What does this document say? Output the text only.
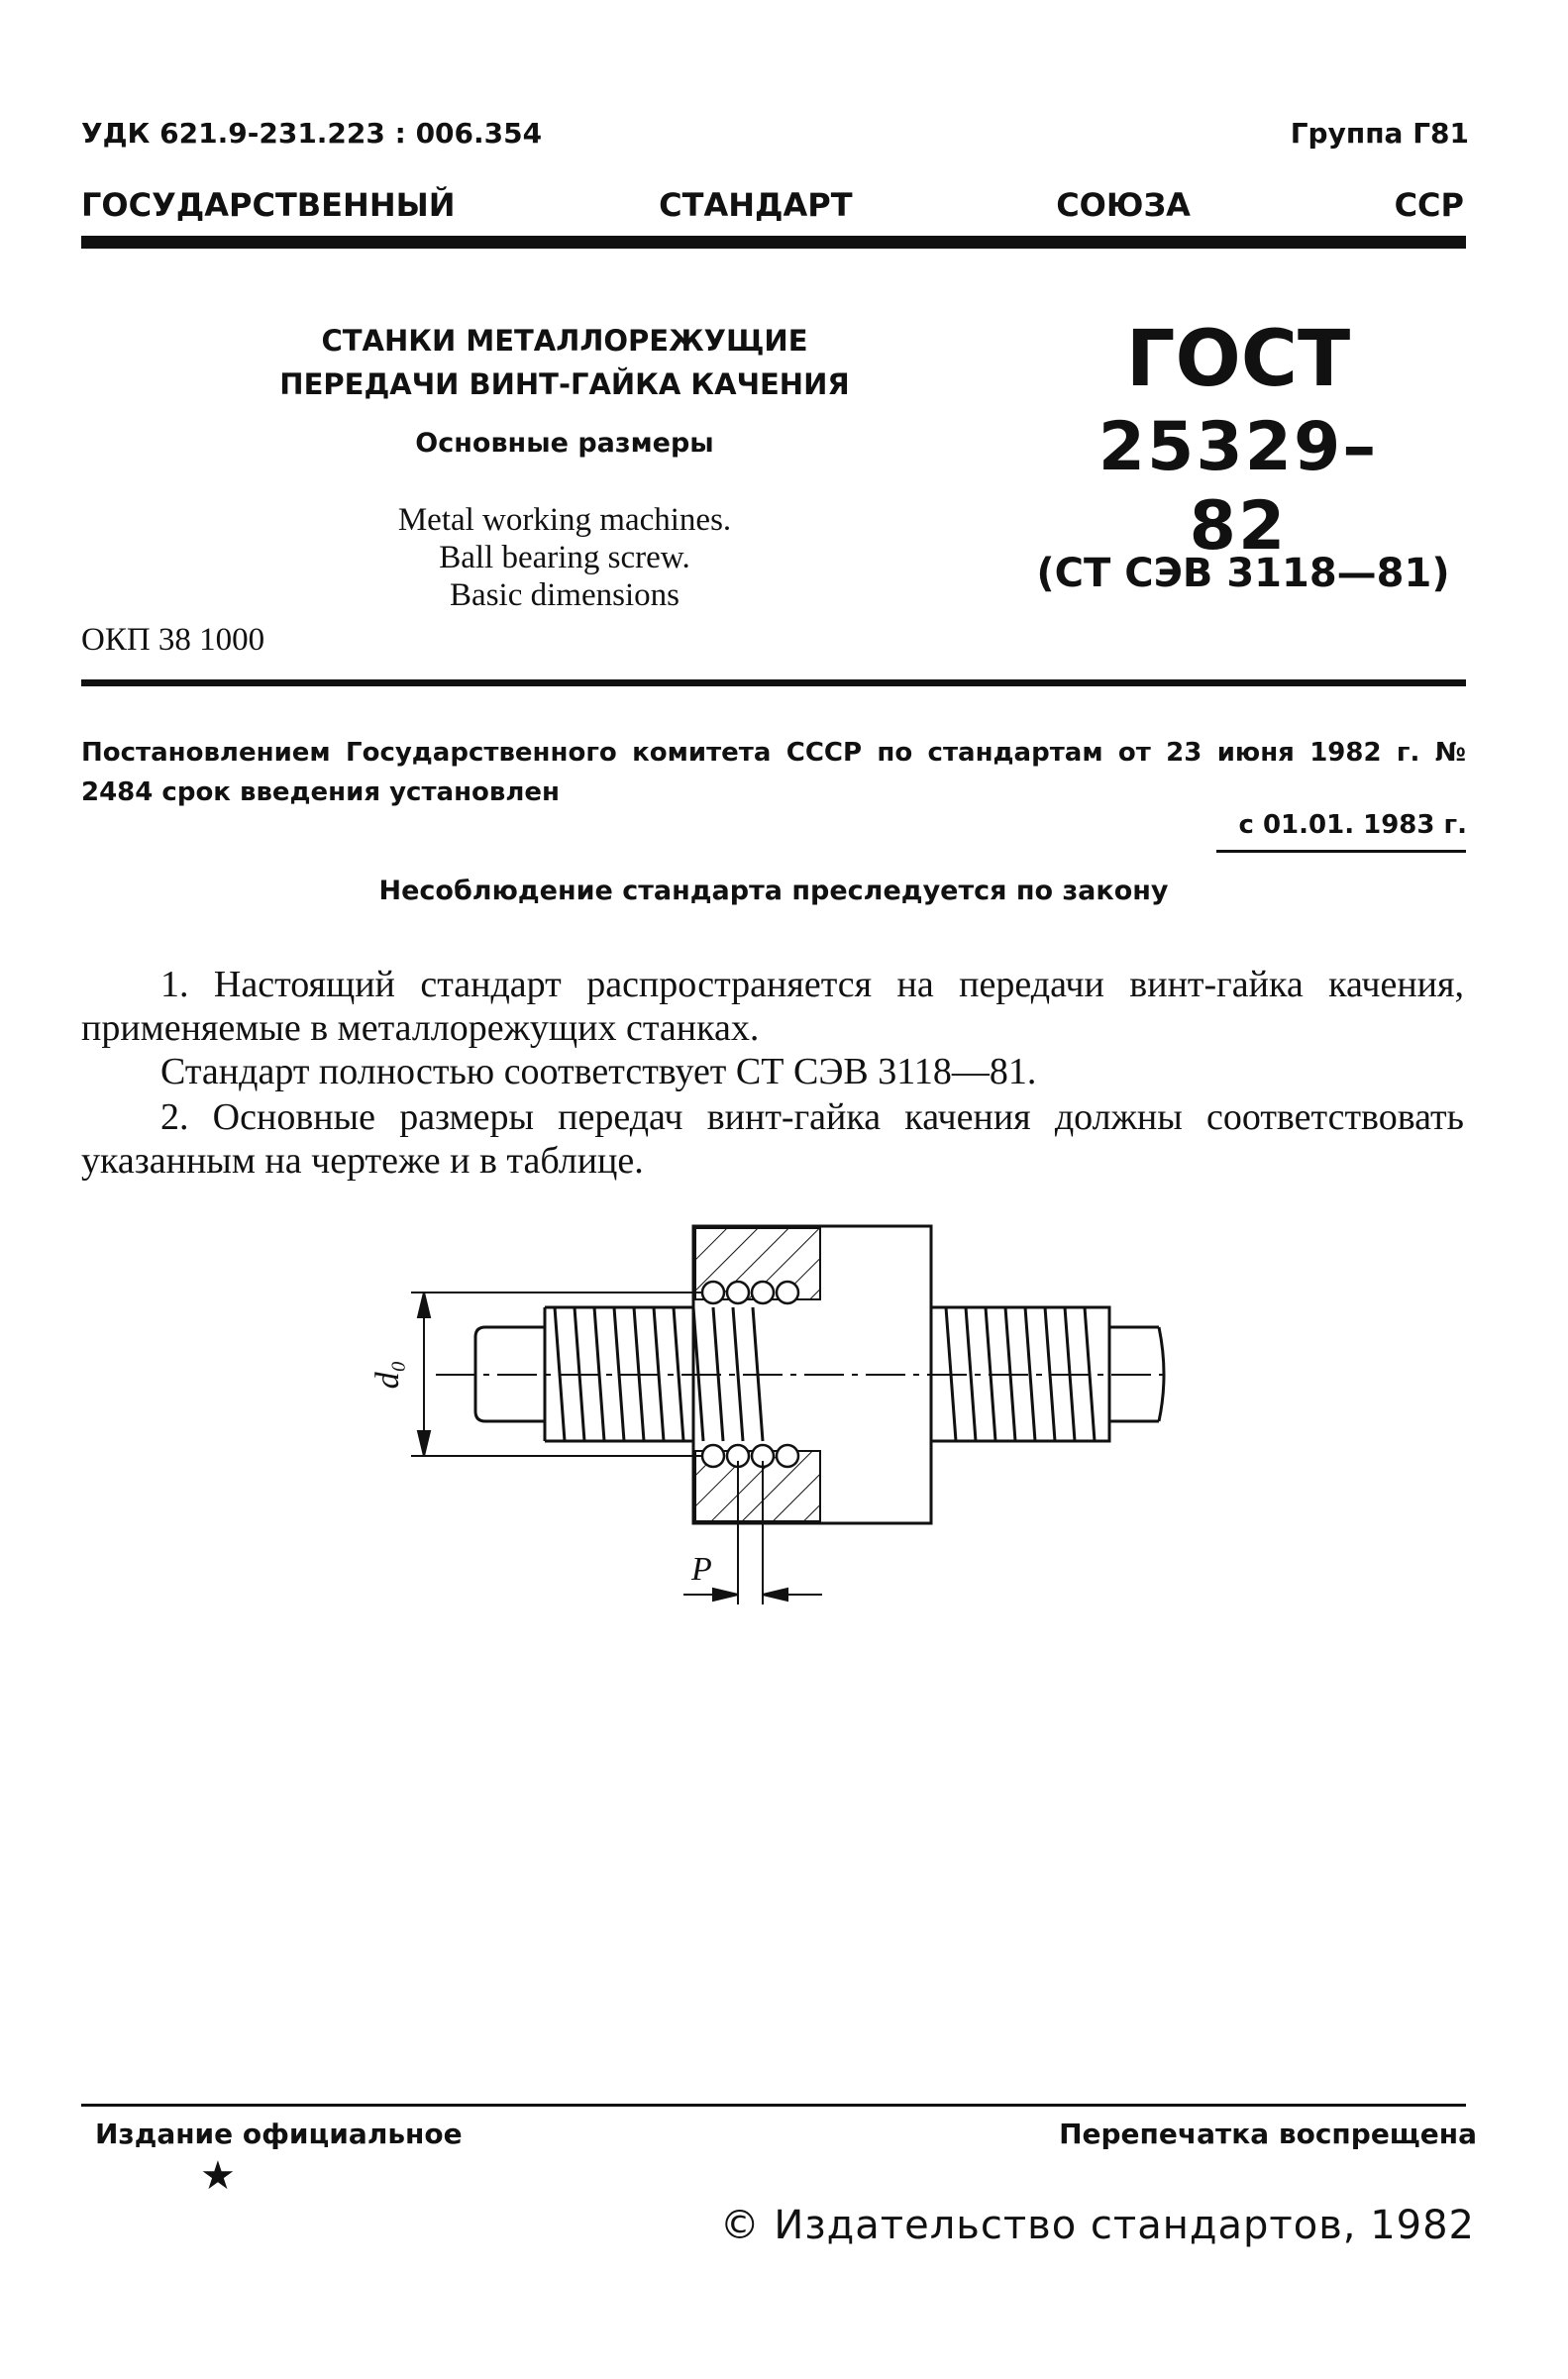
УДК 621.9-231.223 : 006.354	Группа Г81
ГОСУДАРСТВЕННЫЙ	СТАНДАРТ	СОЮЗА	ССР
СТАНКИ МЕТАЛЛОРЕЖУЩИЕ
ПЕРЕДАЧИ ВИНТ-ГАЙКА КАЧЕНИЯ
Основные размеры
Metal working machines.
Ball bearing screw.
Basic dimensions
ОКП 38 1000
ГОСТ
25329–82
(СТ СЭВ 3118—81)
Постановлением Государственного комитета СССР по стандартам от 23 июня 1982 г. № 2484 срок введения установлен
с 01.01. 1983 г.
Несоблюдение стандарта преследуется по закону
1. Настоящий стандарт распространяется на передачи винт-гайка качения, применяемые в металлорежущих станках.
Стандарт полностью соответствует СТ СЭВ 3118—81.
2. Основные размеры передач винт-гайка качения должны соответствовать указанным на чертеже и в таблице.
d₀
P
Издание официальное
★
Перепечатка воспрещена
© Издательство стандартов, 1982
